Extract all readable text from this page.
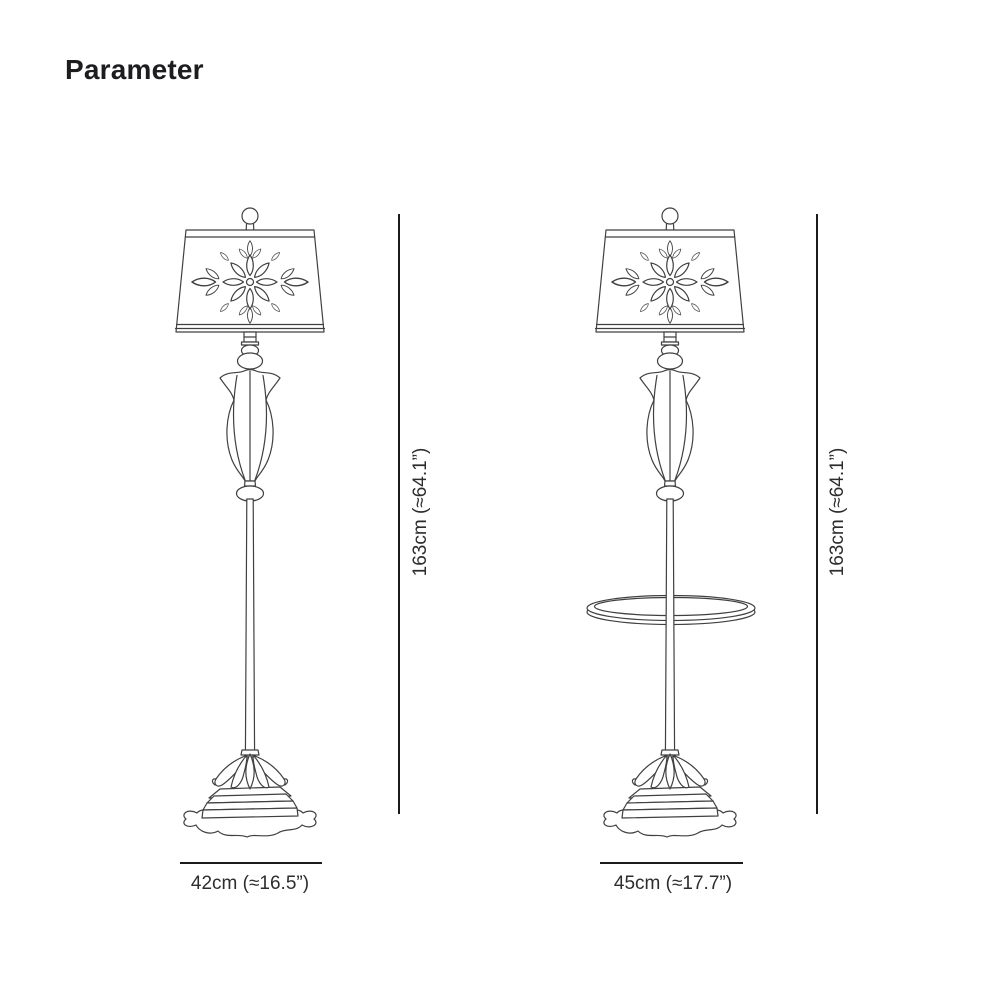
Parameter
163cm (≈64.1”)	163cm (≈64.1”)
42cm (≈16.5”)	45cm (≈17.7”)
